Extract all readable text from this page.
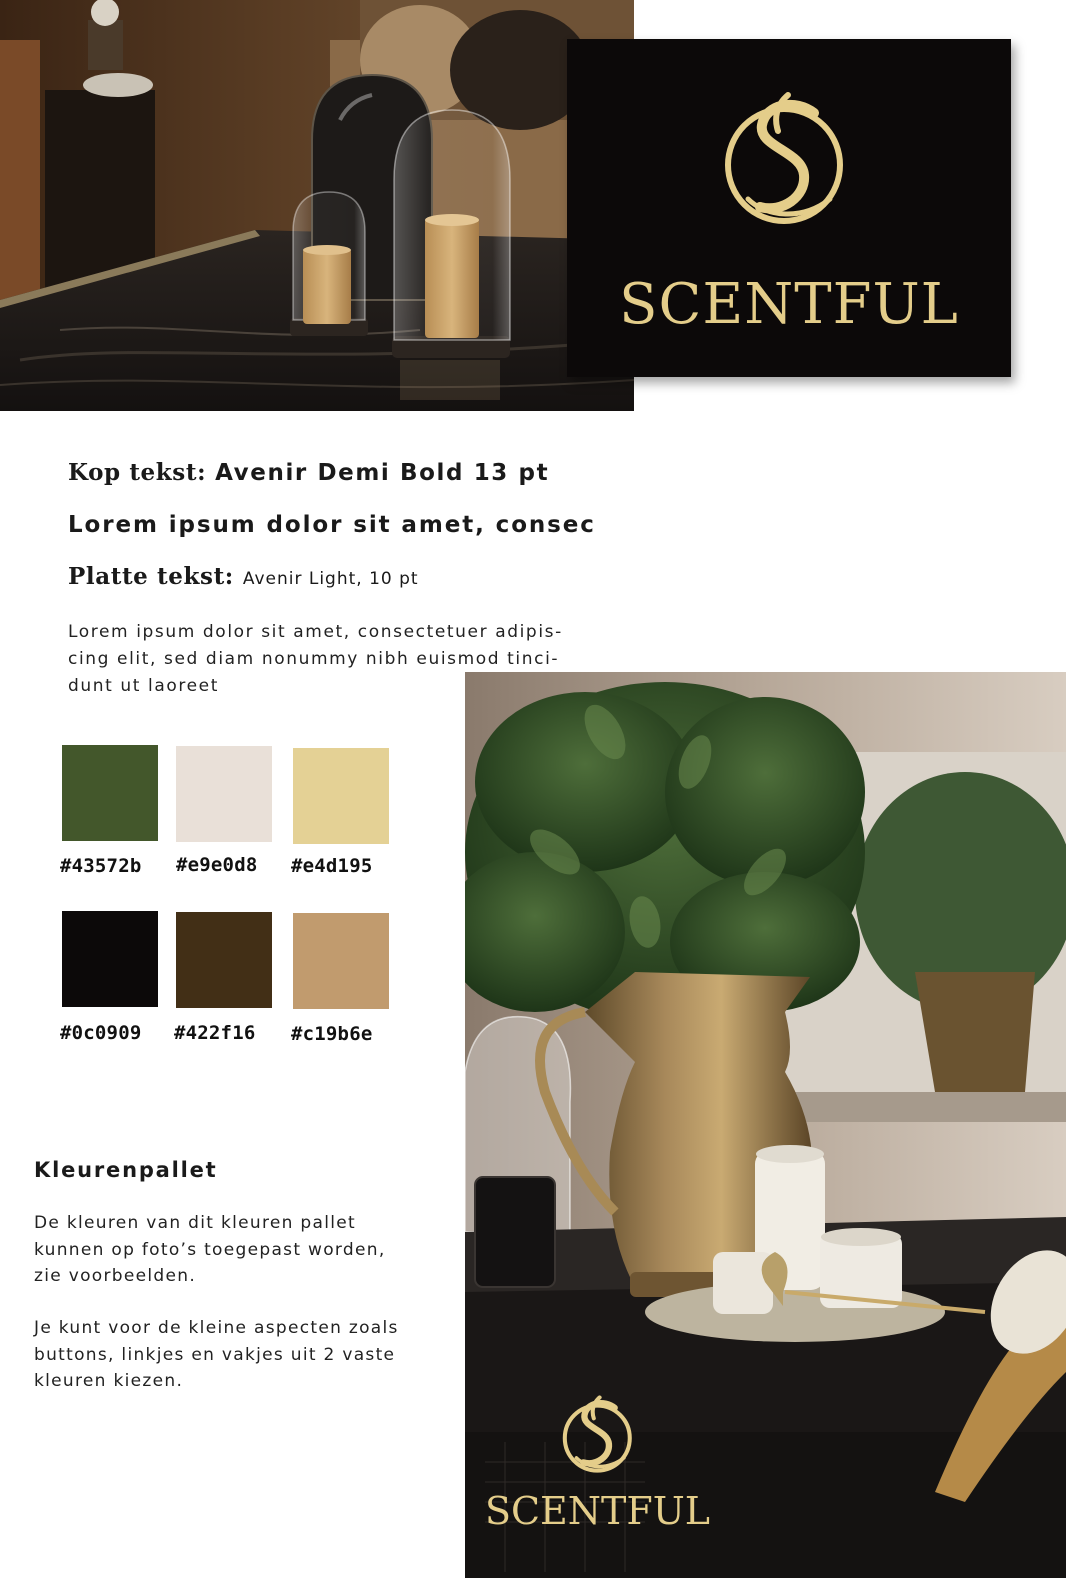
SCENTFUL
Kop tekst: Avenir Demi Bold 13 pt
Lorem ipsum dolor sit amet, consec
Platte tekst: Avenir Light, 10 pt
Lorem ipsum dolor sit amet, consectetuer adipis-
cing elit, sed diam nonummy nibh euismod tinci-
dunt ut laoreet
#43572b #e9e0d8 #e4d195
#0c0909 #422f16 #c19b6e
Kleurenpallet
De kleuren van dit kleuren pallet
kunnen op foto’s toegepast worden,
zie voorbeelden.
Je kunt voor de kleine aspecten zoals
buttons, linkjes en vakjes uit 2 vaste
kleuren kiezen.
SCENTFUL
